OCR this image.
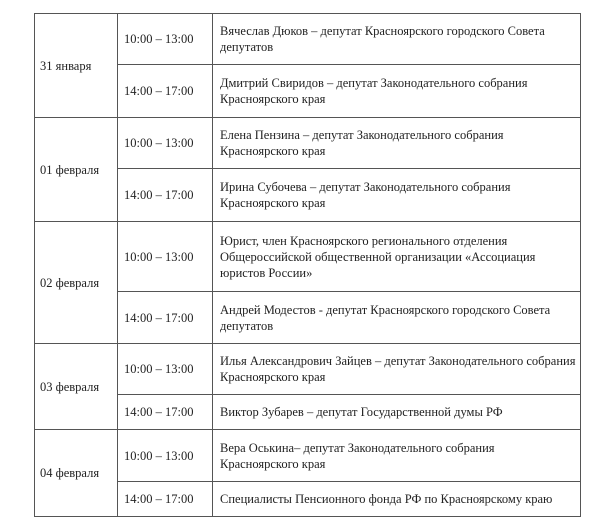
31 января	10:00 – 13:00	Вячеслав Дюков – депутат Красноярского городского Совета депутатов

	14:00 – 17:00	Дмитрий Свиридов – депутат Законодательного собрания Красноярского края

01 февраля	10:00 – 13:00	Елена Пензина – депутат Законодательного собрания Красноярского края

	14:00 – 17:00	Ирина Субочева – депутат Законодательного собрания Красноярского края

02 февраля	10:00 – 13:00	Юрист, член Красноярского регионального отделения Общероссийской общественной организации «Ассоциация юристов России»

	14:00 – 17:00	Андрей Модестов - депутат Красноярского городского Совета депутатов

03 февраля	10:00 – 13:00	Илья Александрович Зайцев – депутат Законодательного собрания Красноярского края

	14:00 – 17:00	Виктор Зубарев – депутат Государственной думы РФ

04 февраля	10:00 – 13:00	Вера Оськина– депутат Законодательного собрания Красноярского края

	14:00 – 17:00	Специалисты Пенсионного фонда РФ по Красноярскому краю
